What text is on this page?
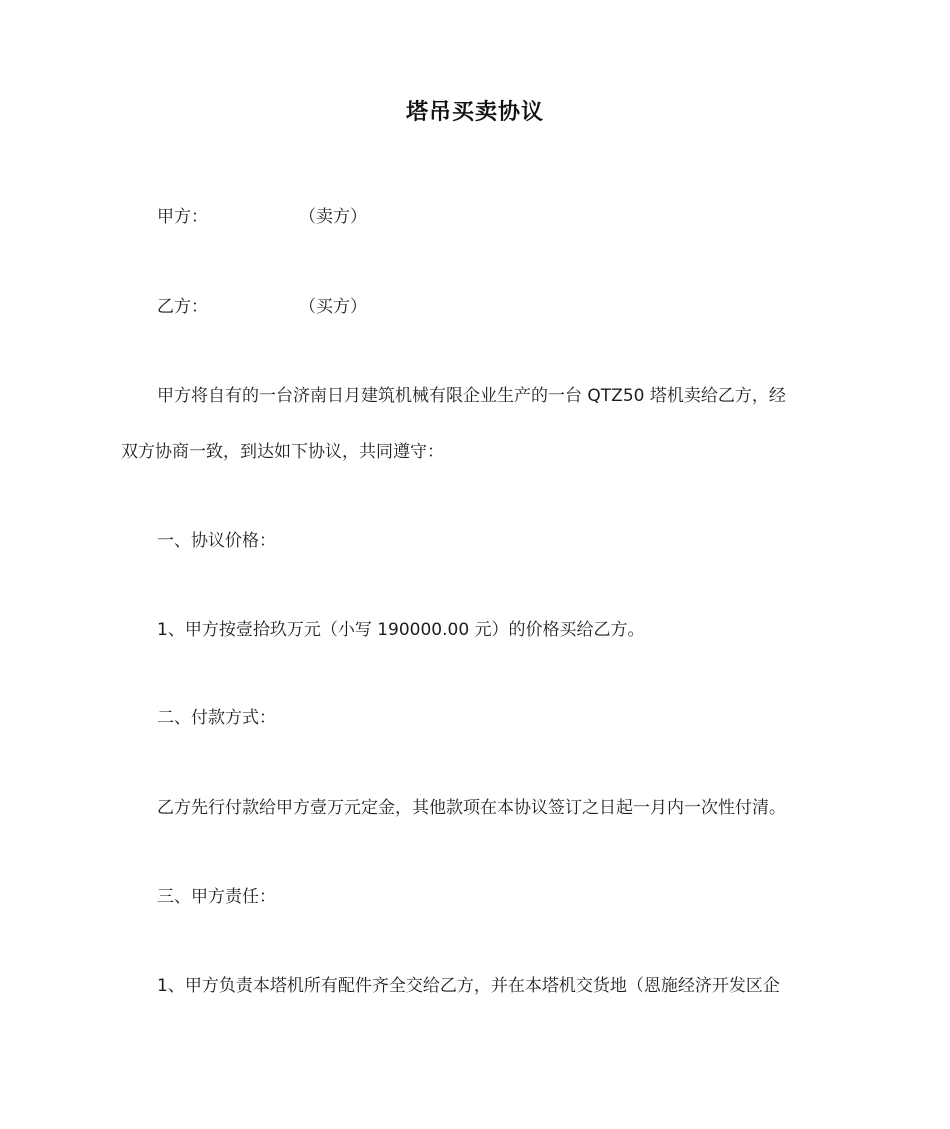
塔吊买卖协议
甲方：	（卖方）
乙方：	（买方）
甲方将自有的一台济南日月建筑机械有限企业生产的一台 QTZ50 塔机卖给乙方，经
双方协商一致，到达如下协议，共同遵守：
一、协议价格：
1、甲方按壹拾玖万元（小写 190000.00 元）的价格买给乙方。
二、付款方式：
乙方先行付款给甲方壹万元定金，其他款项在本协议签订之日起一月内一次性付清。
三、甲方责任：
1、甲方负责本塔机所有配件齐全交给乙方，并在本塔机交货地（恩施经济开发区企
